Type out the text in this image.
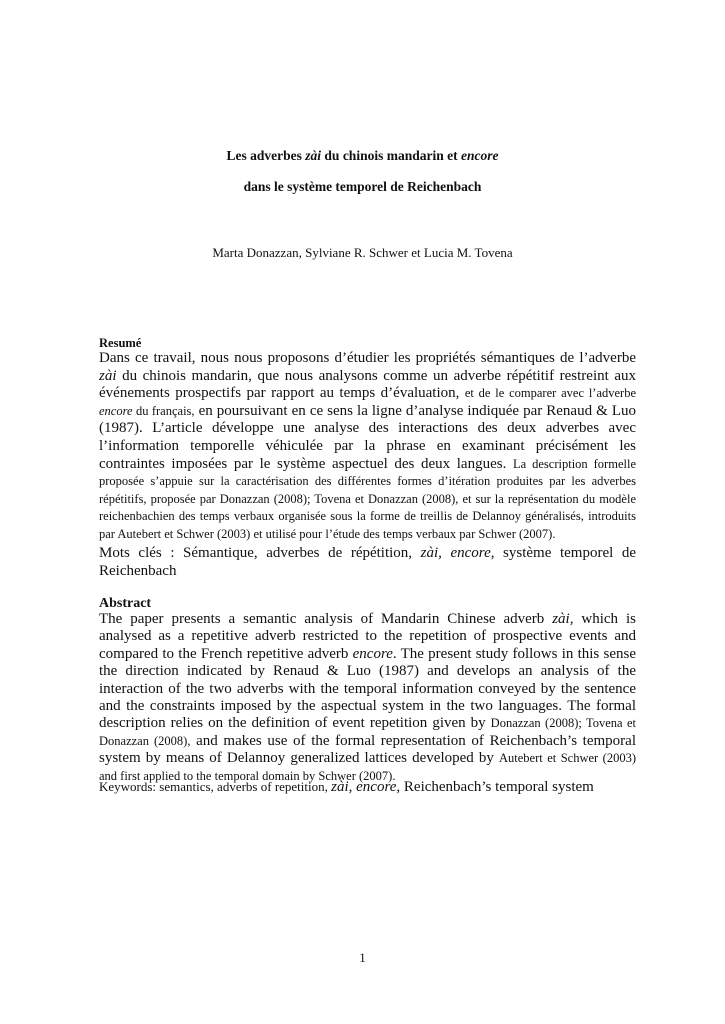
Les adverbes zài du chinois mandarin et encore
dans le système temporel de Reichenbach
Marta Donazzan, Sylviane R. Schwer et Lucia M. Tovena
Resumé
Dans ce travail, nous nous proposons d’étudier les propriétés sémantiques de l’adverbe zài du chinois mandarin, que nous analysons comme un adverbe répétitif restreint aux événements prospectifs par rapport au temps d’évaluation, et de le comparer avec l’adverbe encore du français, en poursuivant en ce sens la ligne d’analyse indiquée par Renaud & Luo (1987). L’article développe une analyse des interactions des deux adverbes avec l’information temporelle véhiculée par la phrase en examinant précisément les contraintes imposées par le système aspectuel des deux langues. La description formelle proposée s’appuie sur la caractérisation des différentes formes d’itération produites par les adverbes répétitifs, proposée par Donazzan (2008); Tovena et Donazzan (2008), et sur la représentation du modèle reichenbachien des temps verbaux organisée sous la forme de treillis de Delannoy généralisés, introduits par Autebert et Schwer (2003) et utilisé pour l’étude des temps verbaux par Schwer (2007).
Mots clés : Sémantique, adverbes de répétition, zài, encore, système temporel de Reichenbach
Abstract
The paper presents a semantic analysis of Mandarin Chinese adverb zài, which is analysed as a repetitive adverb restricted to the repetition of prospective events and compared to the French repetitive adverb encore. The present study follows in this sense the direction indicated by Renaud & Luo (1987) and develops an analysis of the interaction of the two adverbs with the temporal information conveyed by the sentence and the constraints imposed by the aspectual system in the two languages. The formal description relies on the definition of event repetition given by Donazzan (2008); Tovena et Donazzan (2008), and makes use of the formal representation of Reichenbach’s temporal system by means of Delannoy generalized lattices developed by Autebert et Schwer (2003) and first applied to the temporal domain by Schwer (2007).
Keywords: semantics, adverbs of repetition, zài, encore, Reichenbach’s temporal system
1
